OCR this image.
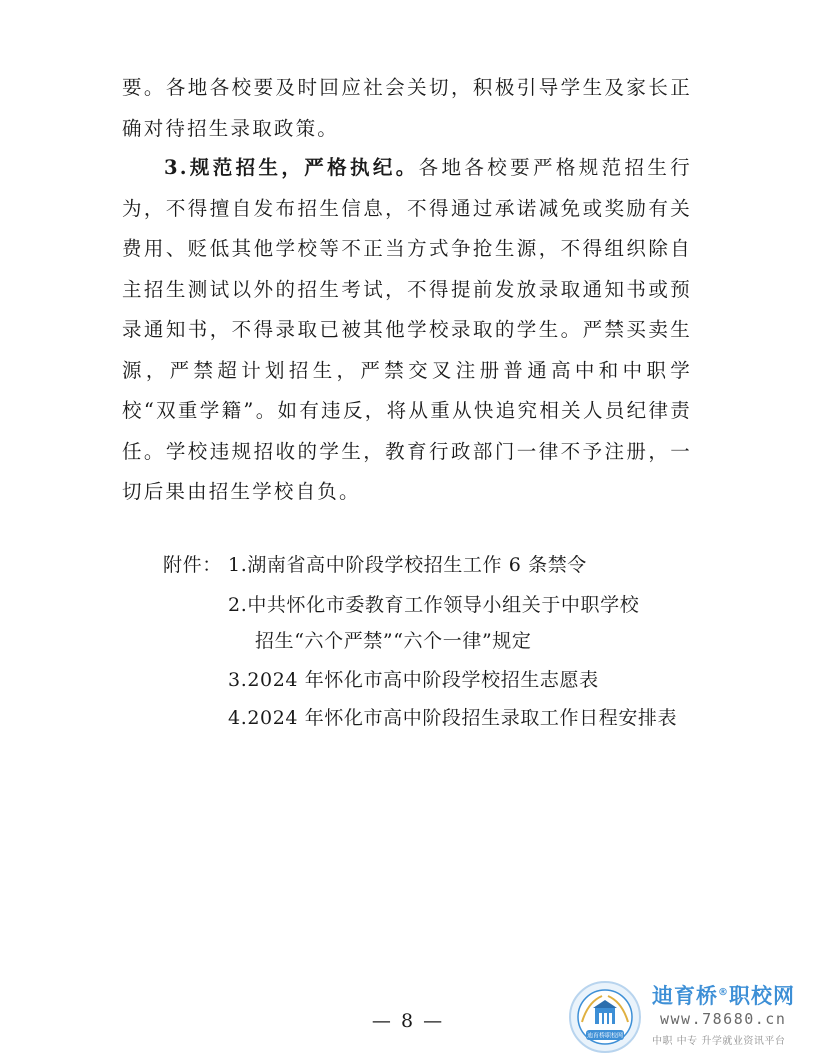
要。各地各校要及时回应社会关切，积极引导学生及家长正确对待招生录取政策。

3.规范招生，严格执纪。各地各校要严格规范招生行为，不得擅自发布招生信息，不得通过承诺减免或奖励有关费用、贬低其他学校等不正当方式争抢生源，不得组织除自主招生测试以外的招生考试，不得提前发放录取通知书或预录通知书，不得录取已被其他学校录取的学生。严禁买卖生源，严禁超计划招生，严禁交叉注册普通高中和中职学校“双重学籍”。如有违反，将从重从快追究相关人员纪律责任。学校违规招收的学生，教育行政部门一律不予注册，一切后果由招生学校自负。

附件： 1.湖南省高中阶段学校招生工作 6 条禁令
2.中共怀化市委教育工作领导小组关于中职学校
招生“六个严禁”“六个一律”规定
3.2024 年怀化市高中阶段学校招生志愿表
4.2024 年怀化市高中阶段招生录取工作日程安排表
— 8 —
迪育桥职校网
迪育桥®职校网
www.78680.cn
中职 中专 升学就业资讯平台
